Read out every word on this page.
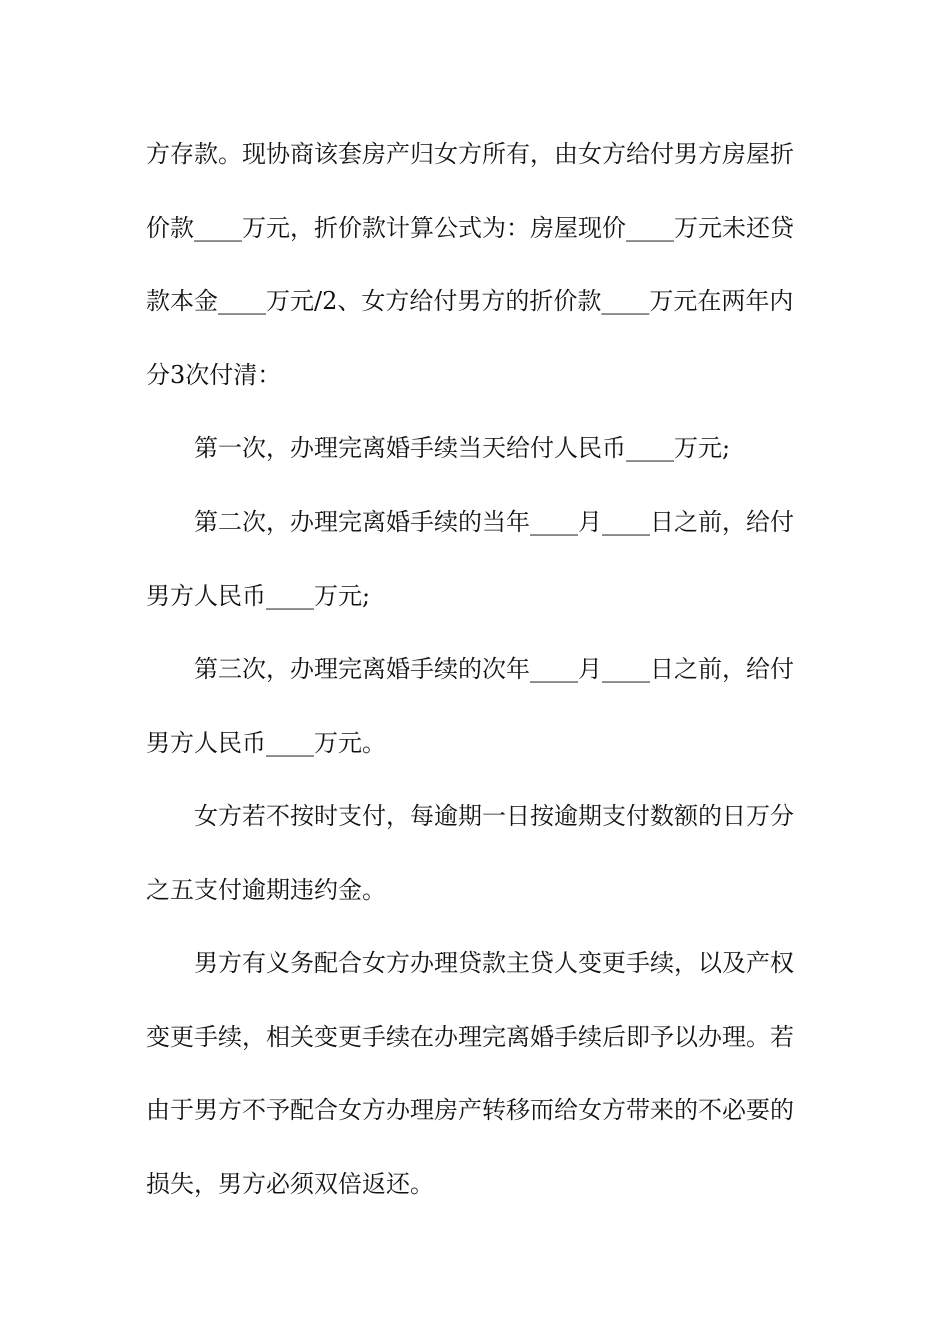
方存款。现协商该套房产归女方所有，由女方给付男方房屋折
价款____万元，折价款计算公式为：房屋现价____万元未还贷
款本金____万元/2、女方给付男方的折价款____万元在两年内
分3次付清：
第一次，办理完离婚手续当天给付人民币____万元;
第二次，办理完离婚手续的当年____月____日之前，给付
男方人民币____万元;
第三次，办理完离婚手续的次年____月____日之前，给付
男方人民币____万元。
女方若不按时支付，每逾期一日按逾期支付数额的日万分
之五支付逾期违约金。
男方有义务配合女方办理贷款主贷人变更手续，以及产权
变更手续，相关变更手续在办理完离婚手续后即予以办理。若
由于男方不予配合女方办理房产转移而给女方带来的不必要的
损失，男方必须双倍返还。
